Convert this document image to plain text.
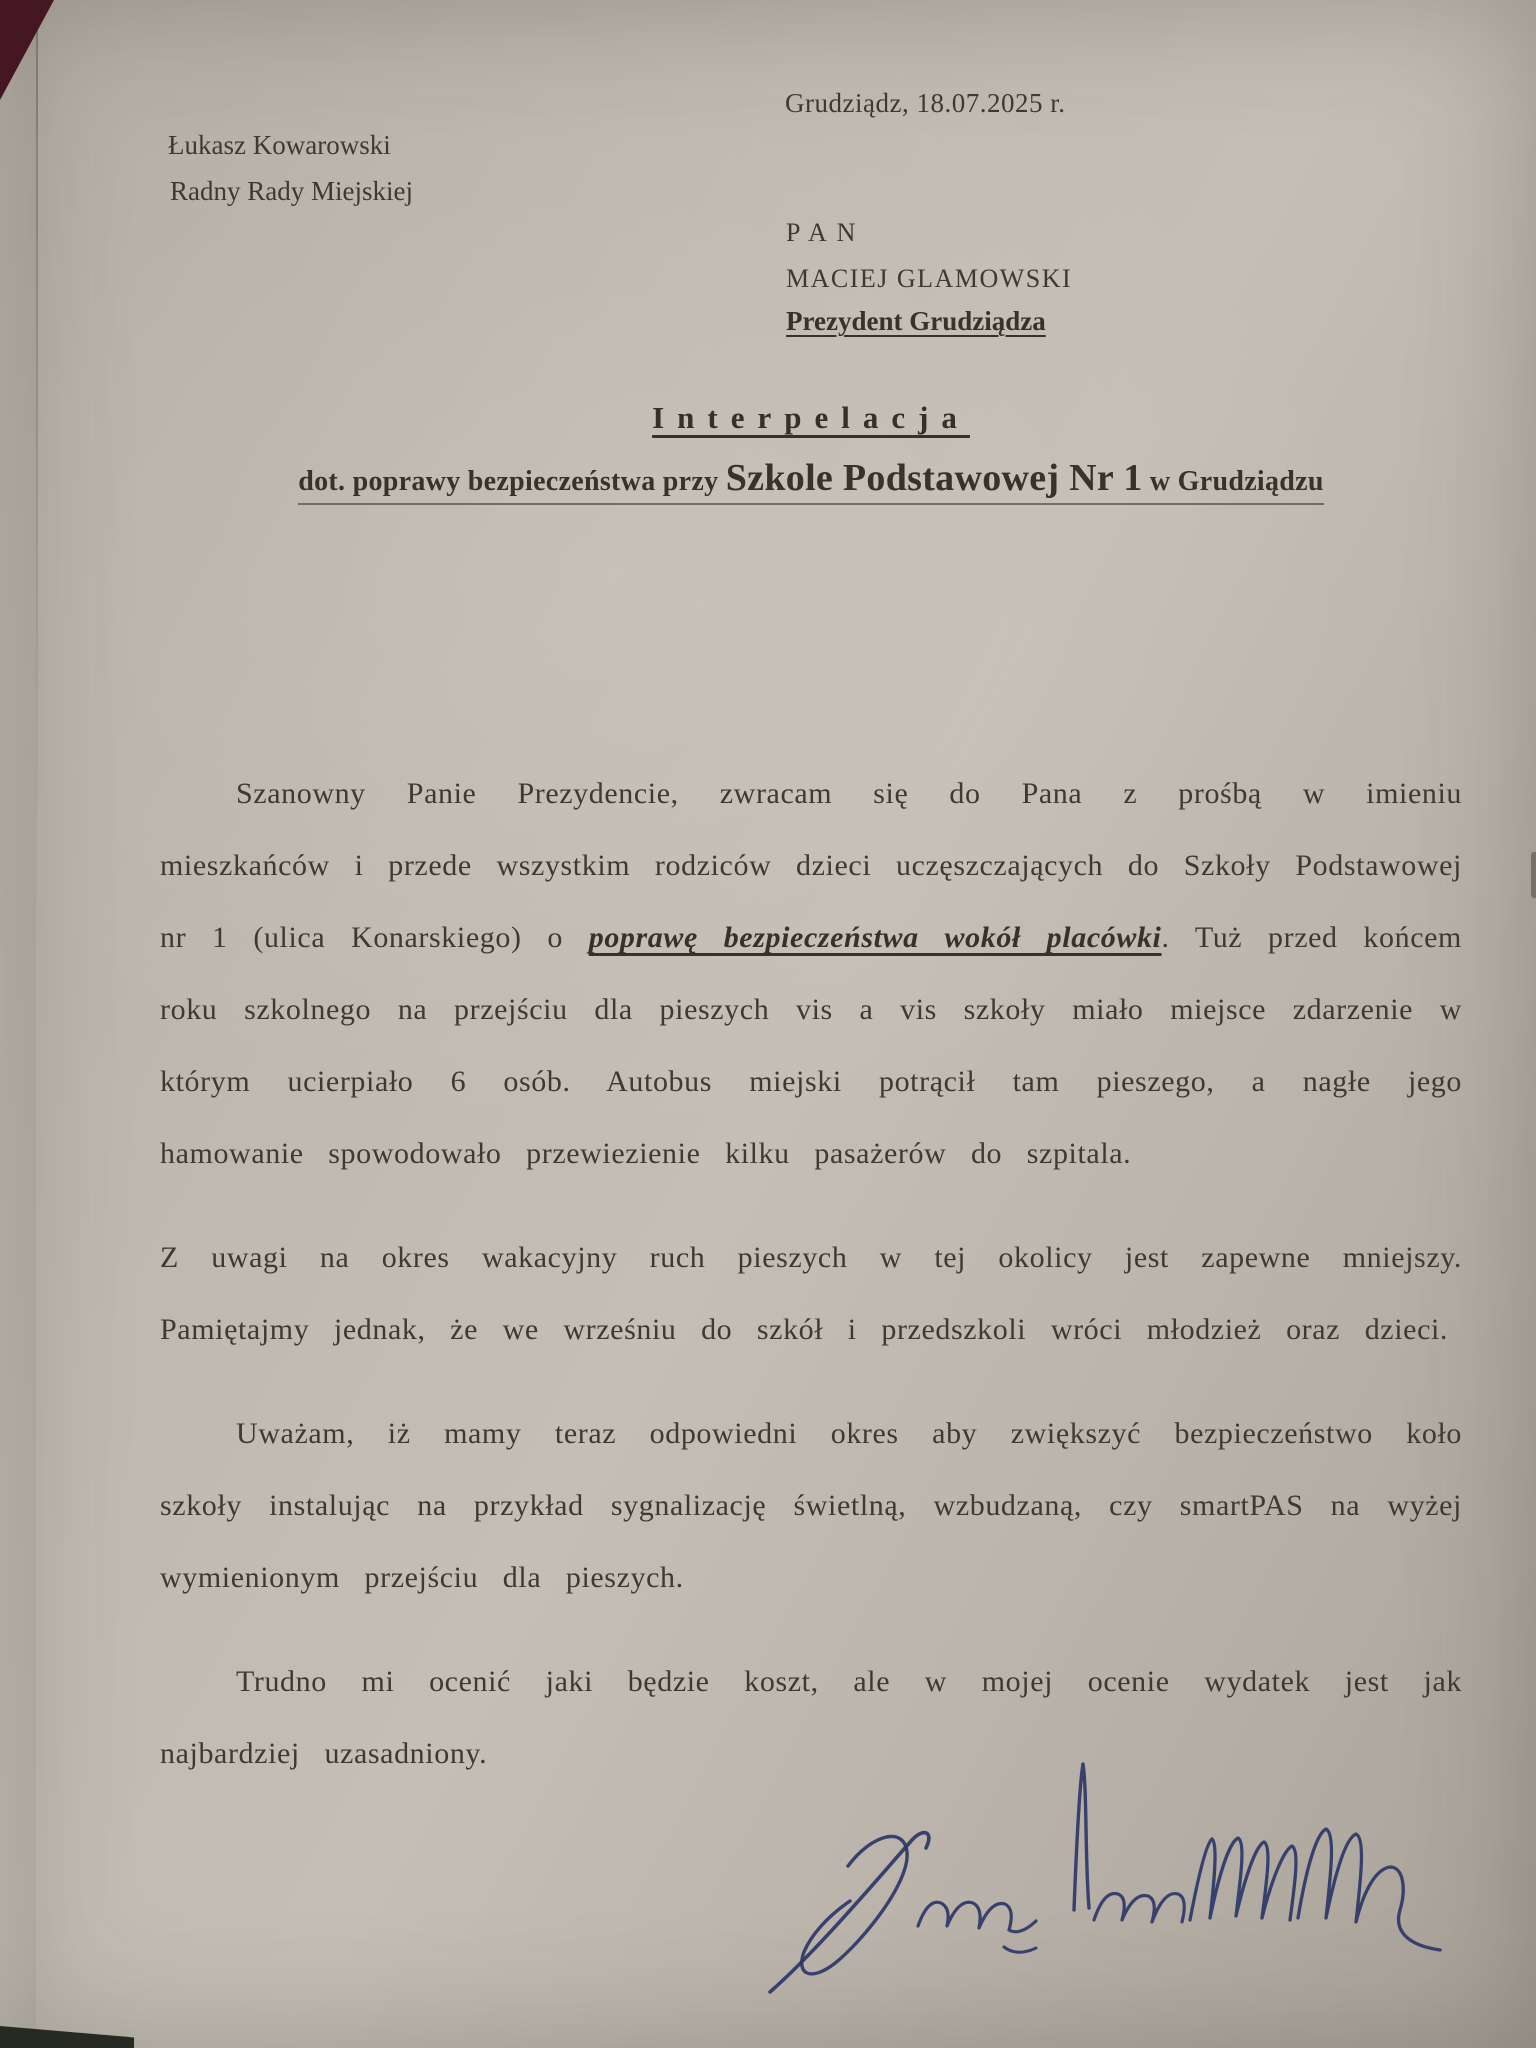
Grudziądz, 18.07.2025 r.
Łukasz Kowarowski
Radny Rady Miejskiej
PAN
MACIEJ GLAMOWSKI
Prezydent Grudziądza
Interpelacja
dot. poprawy bezpieczeństwa przy Szkole Podstawowej Nr 1 w Grudziądzu

Szanowny Panie Prezydencie, zwracam się do Pana z prośbą w imieniu mieszkańców i przede wszystkim rodziców dzieci uczęszczających do Szkoły Podstawowej nr 1 (ulica Konarskiego) o poprawę bezpieczeństwa wokół placówki. Tuż przed końcem roku szkolnego na przejściu dla pieszych vis a vis szkoły miało miejsce zdarzenie w którym ucierpiało 6 osób. Autobus miejski potrącił tam pieszego, a nagłe jego hamowanie spowodowało przewiezienie kilku pasażerów do szpitala.

Z uwagi na okres wakacyjny ruch pieszych w tej okolicy jest zapewne mniejszy. Pamiętajmy jednak, że we wrześniu do szkół i przedszkoli wróci młodzież oraz dzieci.

Uważam, iż mamy teraz odpowiedni okres aby zwiększyć bezpieczeństwo koło szkoły instalując na przykład sygnalizację świetlną, wzbudzaną, czy smartPAS na wyżej wymienionym przejściu dla pieszych.

Trudno mi ocenić jaki będzie koszt, ale w mojej ocenie wydatek jest jak najbardziej uzasadniony.
